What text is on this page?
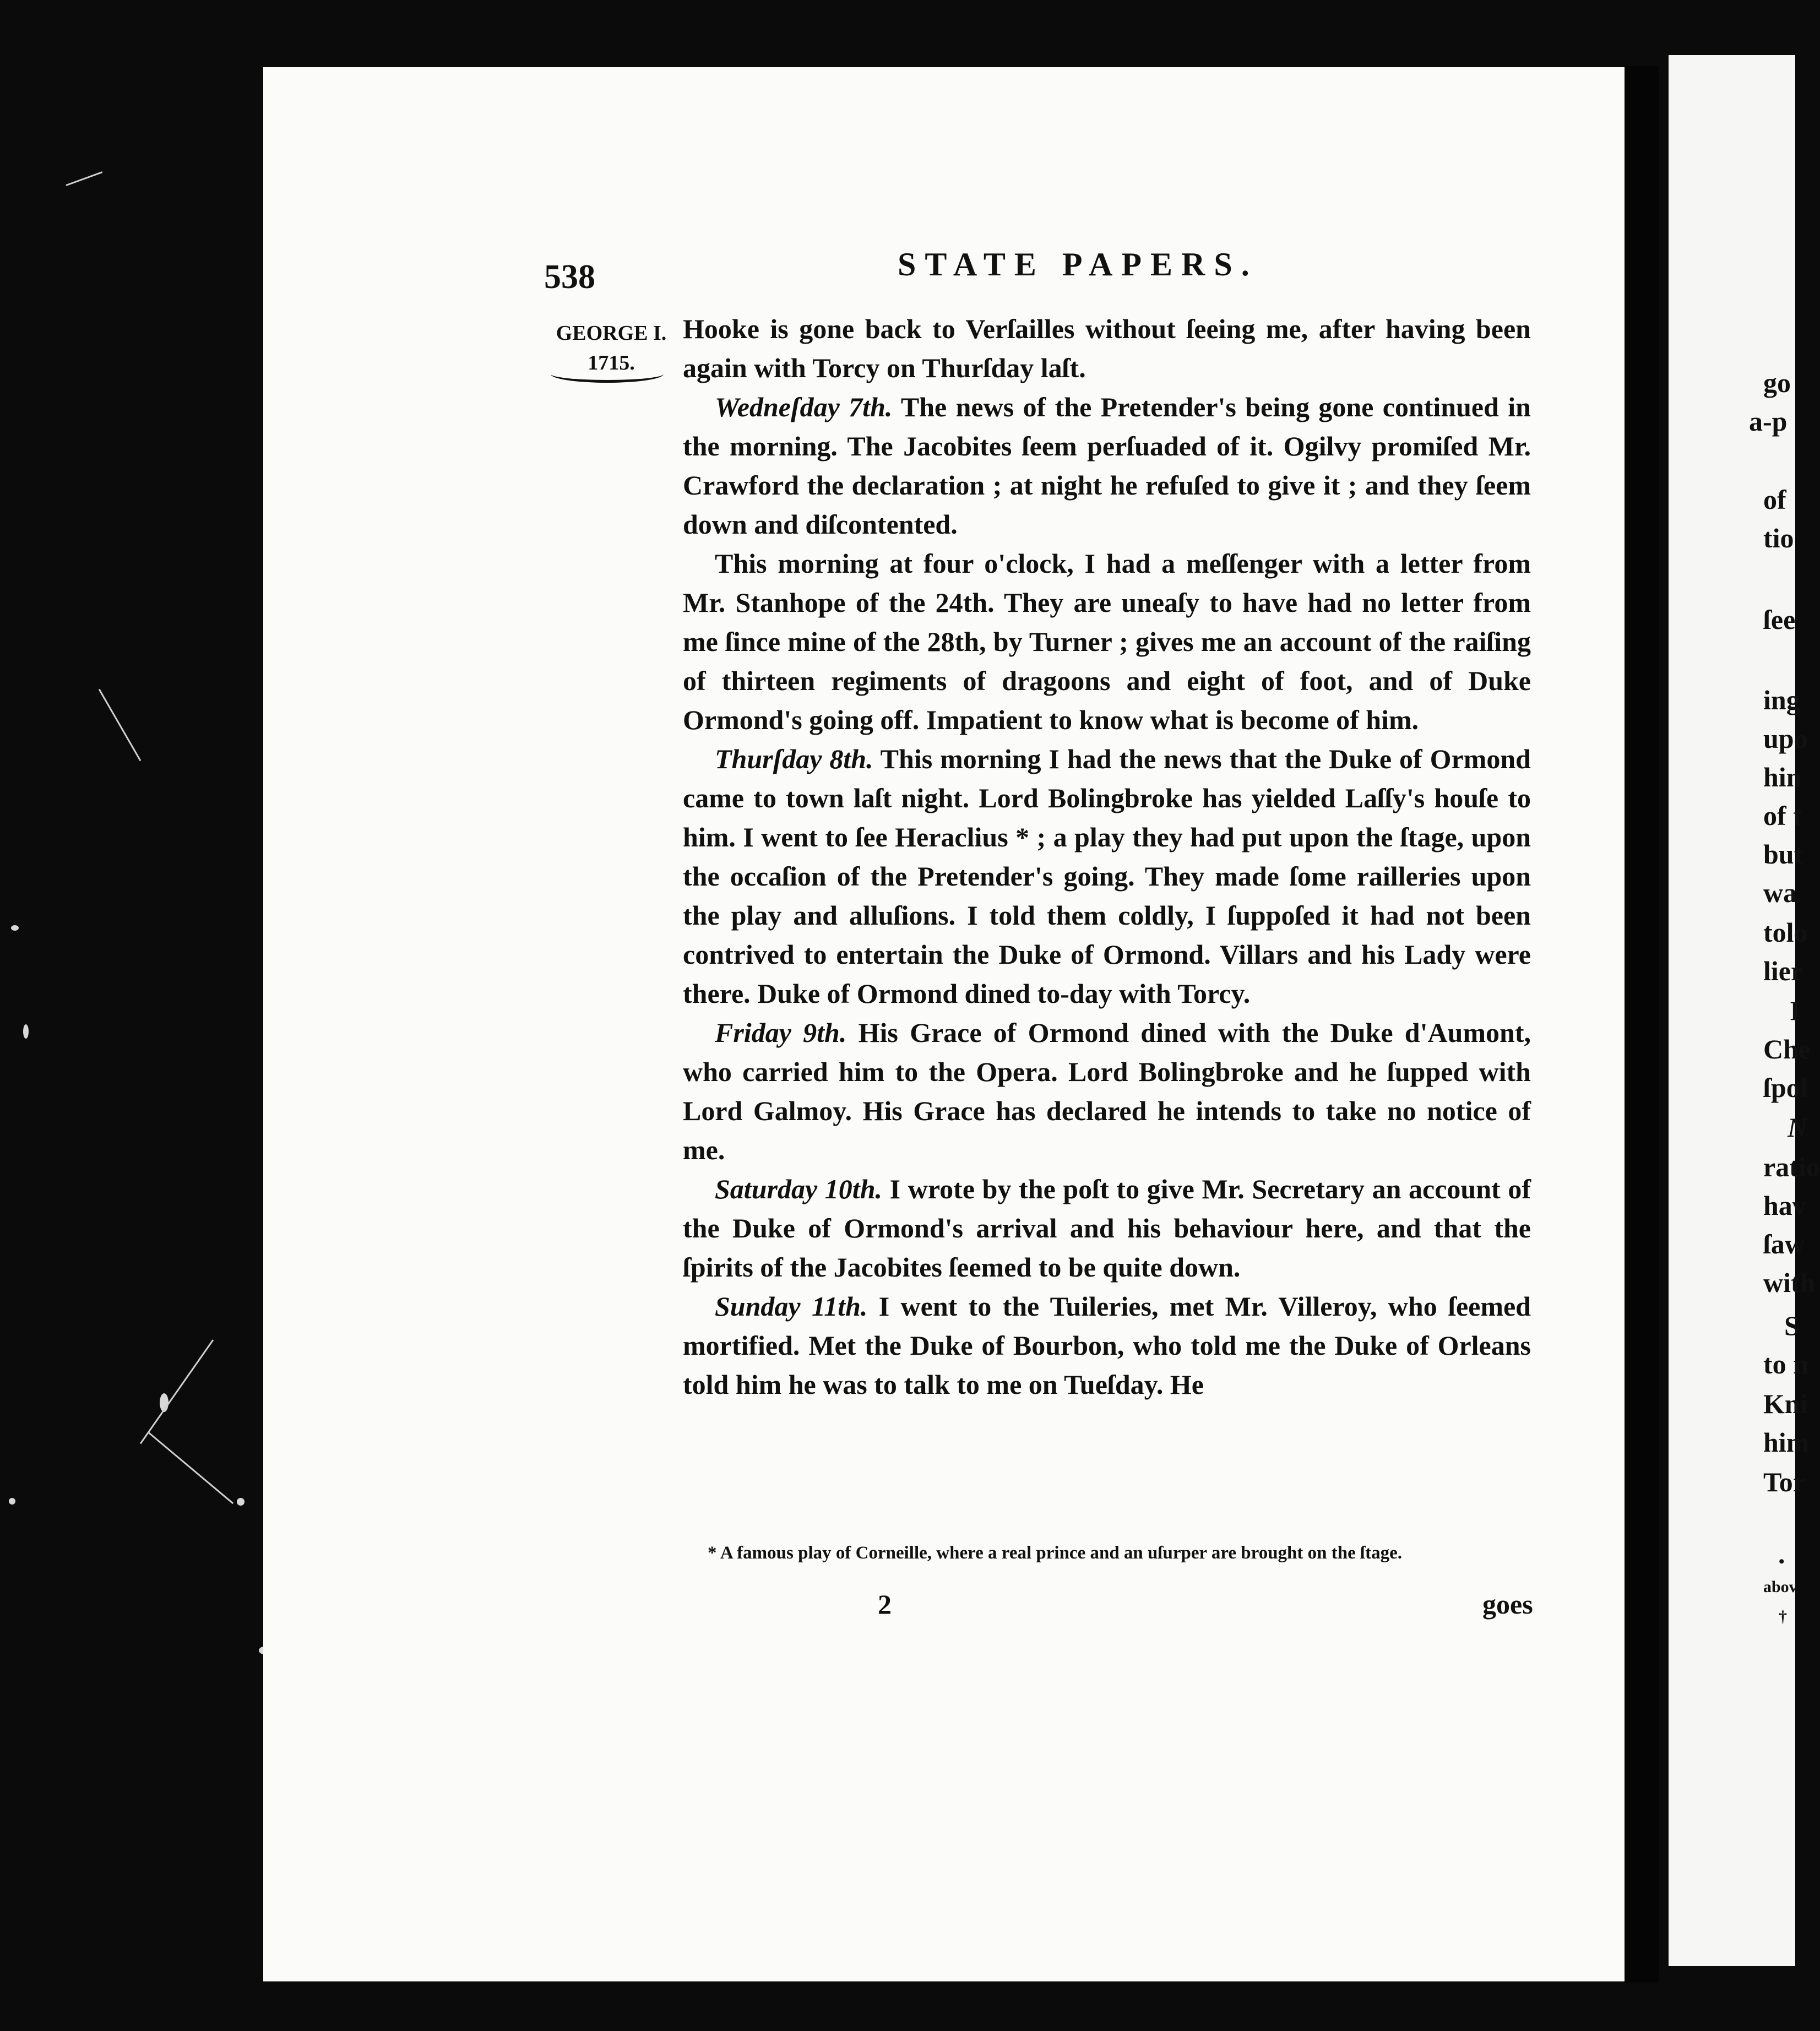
538	STATE PAPERS.
GEORGE I.
1715.

Hooke is gone back to Verſailles without ſeeing me, after having been again with Torcy on Thurſday laſt.

Wedneſday 7th. The news of the Pretender's being gone continued in the morning. The Jacobites ſeem perſuaded of it. Ogilvy promiſed Mr. Crawford the declaration ; at night he refuſed to give it ; and they ſeem down and diſcontented.

This morning at four o'clock, I had a meſſenger with a letter from Mr. Stanhope of the 24th. They are uneaſy to have had no letter from me ſince mine of the 28th, by Turner ; gives me an account of the raiſing of thirteen regiments of dragoons and eight of foot, and of Duke Ormond's going off. Impatient to know what is become of him.

Thurſday 8th. This morning I had the news that the Duke of Ormond came to town laſt night. Lord Bolingbroke has yielded Laſſy's houſe to him. I went to ſee Heraclius * ; a play they had put upon the ſtage, upon the occaſion of the Pretender's going. They made ſome railleries upon the play and alluſions. I told them coldly, I ſuppoſed it had not been contrived to entertain the Duke of Ormond. Villars and his Lady were there. Duke of Ormond dined to-day with Torcy.

Friday 9th. His Grace of Ormond dined with the Duke d'Aumont, who carried him to the Opera. Lord Bolingbroke and he ſupped with Lord Galmoy. His Grace has declared he intends to take no notice of me.

Saturday 10th. I wrote by the poſt to give Mr. Secretary an account of the Duke of Ormond's arrival and his behaviour here, and that the ſpirits of the Jacobites ſeemed to be quite down.

Sunday 11th. I went to the Tuileries, met Mr. Villeroy, who ſeemed mortified. Met the Duke of Bourbon, who told me the Duke of Orleans told him he was to talk to me on Tueſday. He

* A famous play of Corneille, where a real prince and an uſurper are brought on the ſtage.
2	goes
go
a-p
of
tio
ſee
ing
upo
hin
of t
but
wa
tolo
lier
I
Che
ſpol
N
ratio
hav
ſaw
with
S
to n
Kni
him
Tor
•
abov
†
